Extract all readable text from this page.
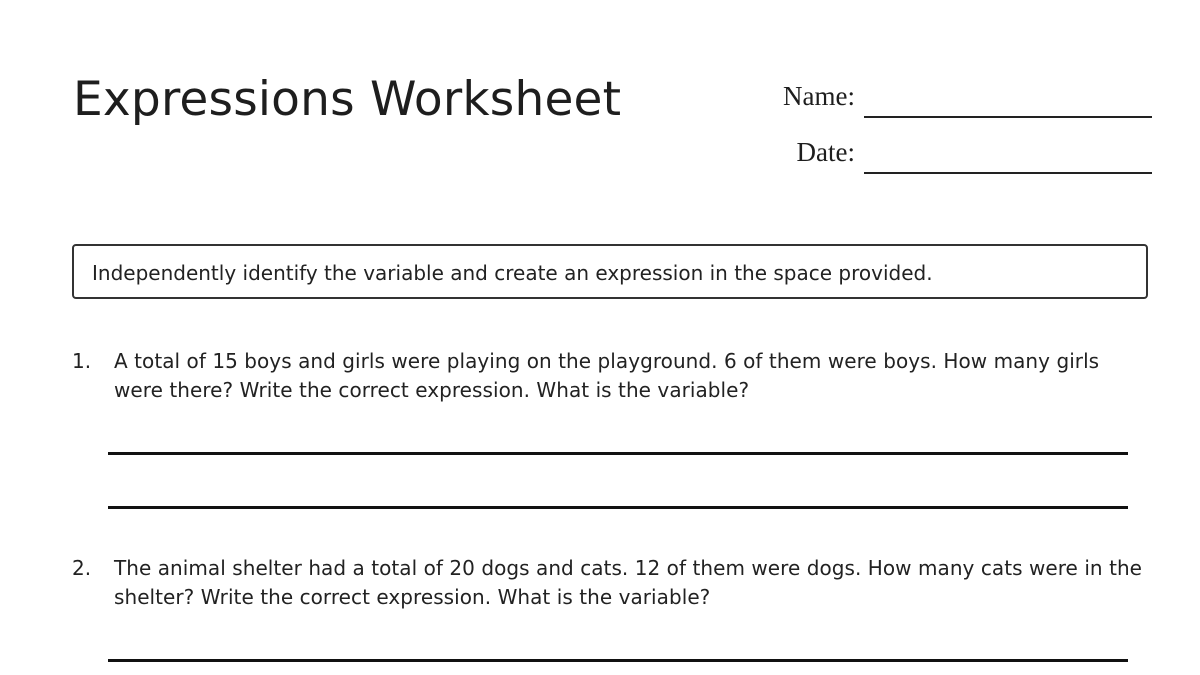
Expressions Worksheet	Name:
Date:
Independently identify the variable and create an expression in the space provided.
1. A total of 15 boys and girls were playing on the playground. 6 of them were boys. How many girls were there? Write the correct expression. What is the variable?
2. The animal shelter had a total of 20 dogs and cats. 12 of them were dogs. How many cats were in the shelter? Write the correct expression. What is the variable?
